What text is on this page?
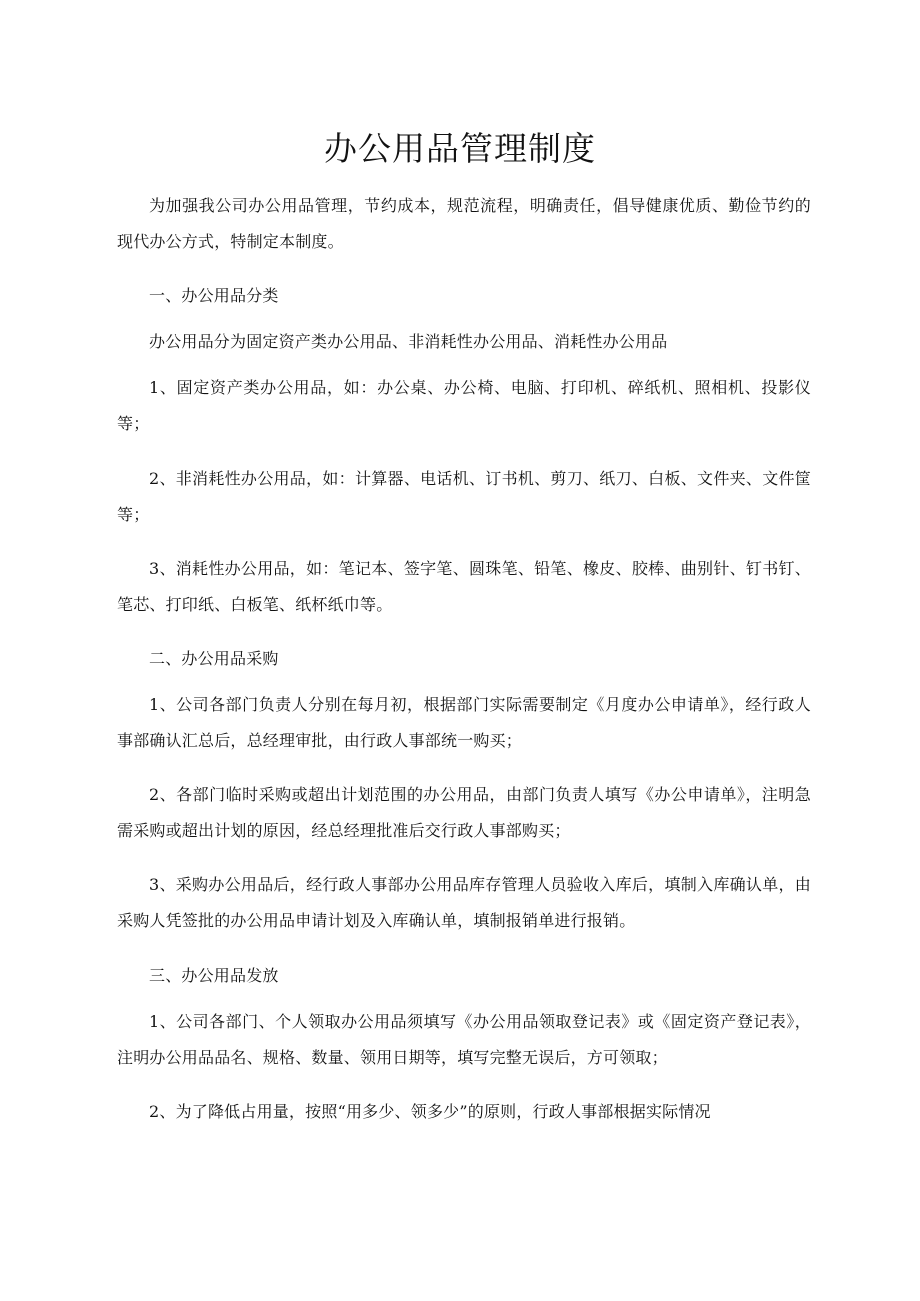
办公用品管理制度

为加强我公司办公用品管理，节约成本，规范流程，明确责任，倡导健康优质、勤俭节约的现代办公方式，特制定本制度。

一、办公用品分类

办公用品分为固定资产类办公用品、非消耗性办公用品、消耗性办公用品

1、固定资产类办公用品，如：办公桌、办公椅、电脑、打印机、碎纸机、照相机、投影仪等；

2、非消耗性办公用品，如：计算器、电话机、订书机、剪刀、纸刀、白板、文件夹、文件筐等；

3、消耗性办公用品，如：笔记本、签字笔、圆珠笔、铅笔、橡皮、胶棒、曲别针、钉书钉、笔芯、打印纸、白板笔、纸杯纸巾等。

二、办公用品采购

1、公司各部门负责人分别在每月初，根据部门实际需要制定《月度办公申请单》，经行政人事部确认汇总后，总经理审批，由行政人事部统一购买；

2、各部门临时采购或超出计划范围的办公用品，由部门负责人填写《办公申请单》，注明急需采购或超出计划的原因，经总经理批准后交行政人事部购买；

3、采购办公用品后，经行政人事部办公用品库存管理人员验收入库后，填制入库确认单，由采购人凭签批的办公用品申请计划及入库确认单，填制报销单进行报销。

三、办公用品发放

1、公司各部门、个人领取办公用品须填写《办公用品领取登记表》或《固定资产登记表》，注明办公用品品名、规格、数量、领用日期等，填写完整无误后，方可领取；

2、为了降低占用量，按照“用多少、领多少”的原则，行政人事部根据实际情况
